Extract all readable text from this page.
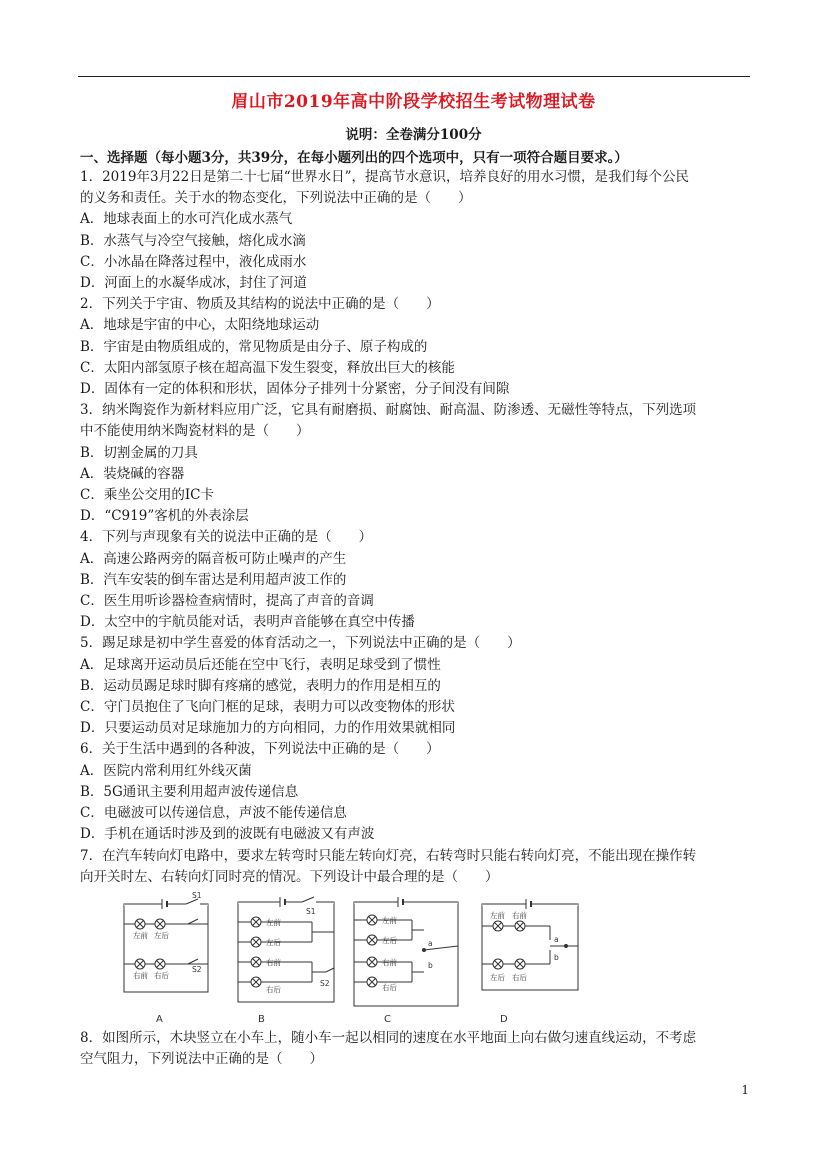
眉山市2019年高中阶段学校招生考试物理试卷
说明：全卷满分100分
一、选择题（每小题3分，共39分，在每小题列出的四个选项中，只有一项符合题目要求。）

1．2019年3月22日是第二十七届“世界水日”，提高节水意识，培养良好的用水习惯，是我们每个公民

的义务和责任。关于水的物态变化，下列说法中正确的是（　　）

A．地球表面上的水可汽化成水蒸气

B．水蒸气与冷空气接触，熔化成水滴

C．小冰晶在降落过程中，液化成雨水

D．河面上的水凝华成冰，封住了河道

2．下列关于宇宙、物质及其结构的说法中正确的是（　　）

A．地球是宇宙的中心，太阳绕地球运动

B．宇宙是由物质组成的，常见物质是由分子、原子构成的

C．太阳内部氢原子核在超高温下发生裂变，释放出巨大的核能

D．固体有一定的体积和形状，固体分子排列十分紧密，分子间没有间隙

3．纳米陶瓷作为新材料应用广泛，它具有耐磨损、耐腐蚀、耐高温、防渗透、无磁性等特点，下列选项

中不能使用纳米陶瓷材料的是（　　）

B．切割金属的刀具

A．装烧碱的容器

C．乘坐公交用的IC卡

D．“C919”客机的外表涂层

4．下列与声现象有关的说法中正确的是（　　）

A．高速公路两旁的隔音板可防止噪声的产生

B．汽车安装的倒车雷达是利用超声波工作的

C．医生用听诊器检查病情时，提高了声音的音调

D．太空中的宇航员能对话，表明声音能够在真空中传播

5．踢足球是初中学生喜爱的体育活动之一，下列说法中正确的是（　　）

A．足球离开运动员后还能在空中飞行，表明足球受到了惯性

B．运动员踢足球时脚有疼痛的感觉，表明力的作用是相互的

C．守门员抱住了飞向门框的足球，表明力可以改变物体的形状

D．只要运动员对足球施加力的方向相同，力的作用效果就相同

6．关于生活中遇到的各种波，下列说法中正确的是（　　）

A．医院内常利用红外线灭菌

B．5G通讯主要利用超声波传递信息

C．电磁波可以传递信息，声波不能传递信息

D．手机在通话时涉及到的波既有电磁波又有声波

7．在汽车转向灯电路中，要求左转弯时只能左转向灯亮，右转弯时只能右转向灯亮，不能出现在操作转

向开关时左、右转向灯同时亮的情况。下列设计中最合理的是（　　）

S1
左前 左后
右前 右后
S2
S1
左前
左后
右前
右后
S2
左前
左后
右前
右后
a
b
左前 右前
左后 右后
a
b
A	B	C	D

8．如图所示，木块竖立在小车上，随小车一起以相同的速度在水平地面上向右做匀速直线运动，不考虑

空气阻力，下列说法中正确的是（　　）

1
